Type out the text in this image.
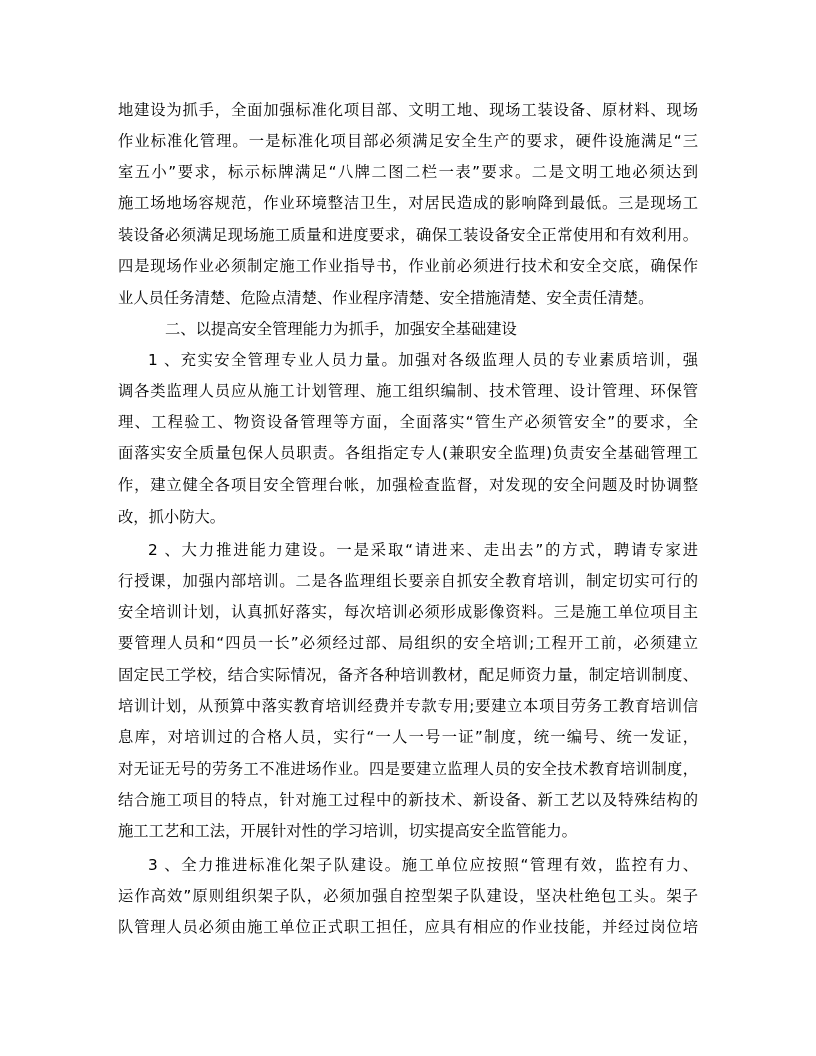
地建设为抓手，全面加强标准化项目部、文明工地、现场工装设备、原材料、现场
作业标准化管理。一是标准化项目部必须满足安全生产的要求，硬件设施满足“三
室五小”要求，标示标牌满足“八牌二图二栏一表”要求。二是文明工地必须达到
施工场地场容规范，作业环境整洁卫生，对居民造成的影响降到最低。三是现场工
装设备必须满足现场施工质量和进度要求，确保工装设备安全正常使用和有效利用。
四是现场作业必须制定施工作业指导书，作业前必须进行技术和安全交底，确保作
业人员任务清楚、危险点清楚、作业程序清楚、安全措施清楚、安全责任清楚。
二、以提高安全管理能力为抓手，加强安全基础建设
1 、充实安全管理专业人员力量。加强对各级监理人员的专业素质培训，强
调各类监理人员应从施工计划管理、施工组织编制、技术管理、设计管理、环保管
理、工程验工、物资设备管理等方面，全面落实“管生产必须管安全”的要求，全
面落实安全质量包保人员职责。各组指定专人(兼职安全监理)负责安全基础管理工
作，建立健全各项目安全管理台帐，加强检查监督，对发现的安全问题及时协调整
改，抓小防大。
2 、大力推进能力建设。一是采取“请进来、走出去”的方式，聘请专家进
行授课，加强内部培训。二是各监理组长要亲自抓安全教育培训，制定切实可行的
安全培训计划，认真抓好落实，每次培训必须形成影像资料。三是施工单位项目主
要管理人员和“四员一长”必须经过部、局组织的安全培训;工程开工前，必须建立
固定民工学校，结合实际情况，备齐各种培训教材，配足师资力量，制定培训制度、
培训计划，从预算中落实教育培训经费并专款专用;要建立本项目劳务工教育培训信
息库，对培训过的合格人员，实行“一人一号一证”制度，统一编号、统一发证，
对无证无号的劳务工不准进场作业。四是要建立监理人员的安全技术教育培训制度，
结合施工项目的特点，针对施工过程中的新技术、新设备、新工艺以及特殊结构的
施工工艺和工法，开展针对性的学习培训，切实提高安全监管能力。
3 、全力推进标准化架子队建设。施工单位应按照“管理有效，监控有力、
运作高效”原则组织架子队，必须加强自控型架子队建设，坚决杜绝包工头。架子
队管理人员必须由施工单位正式职工担任，应具有相应的作业技能，并经过岗位培
